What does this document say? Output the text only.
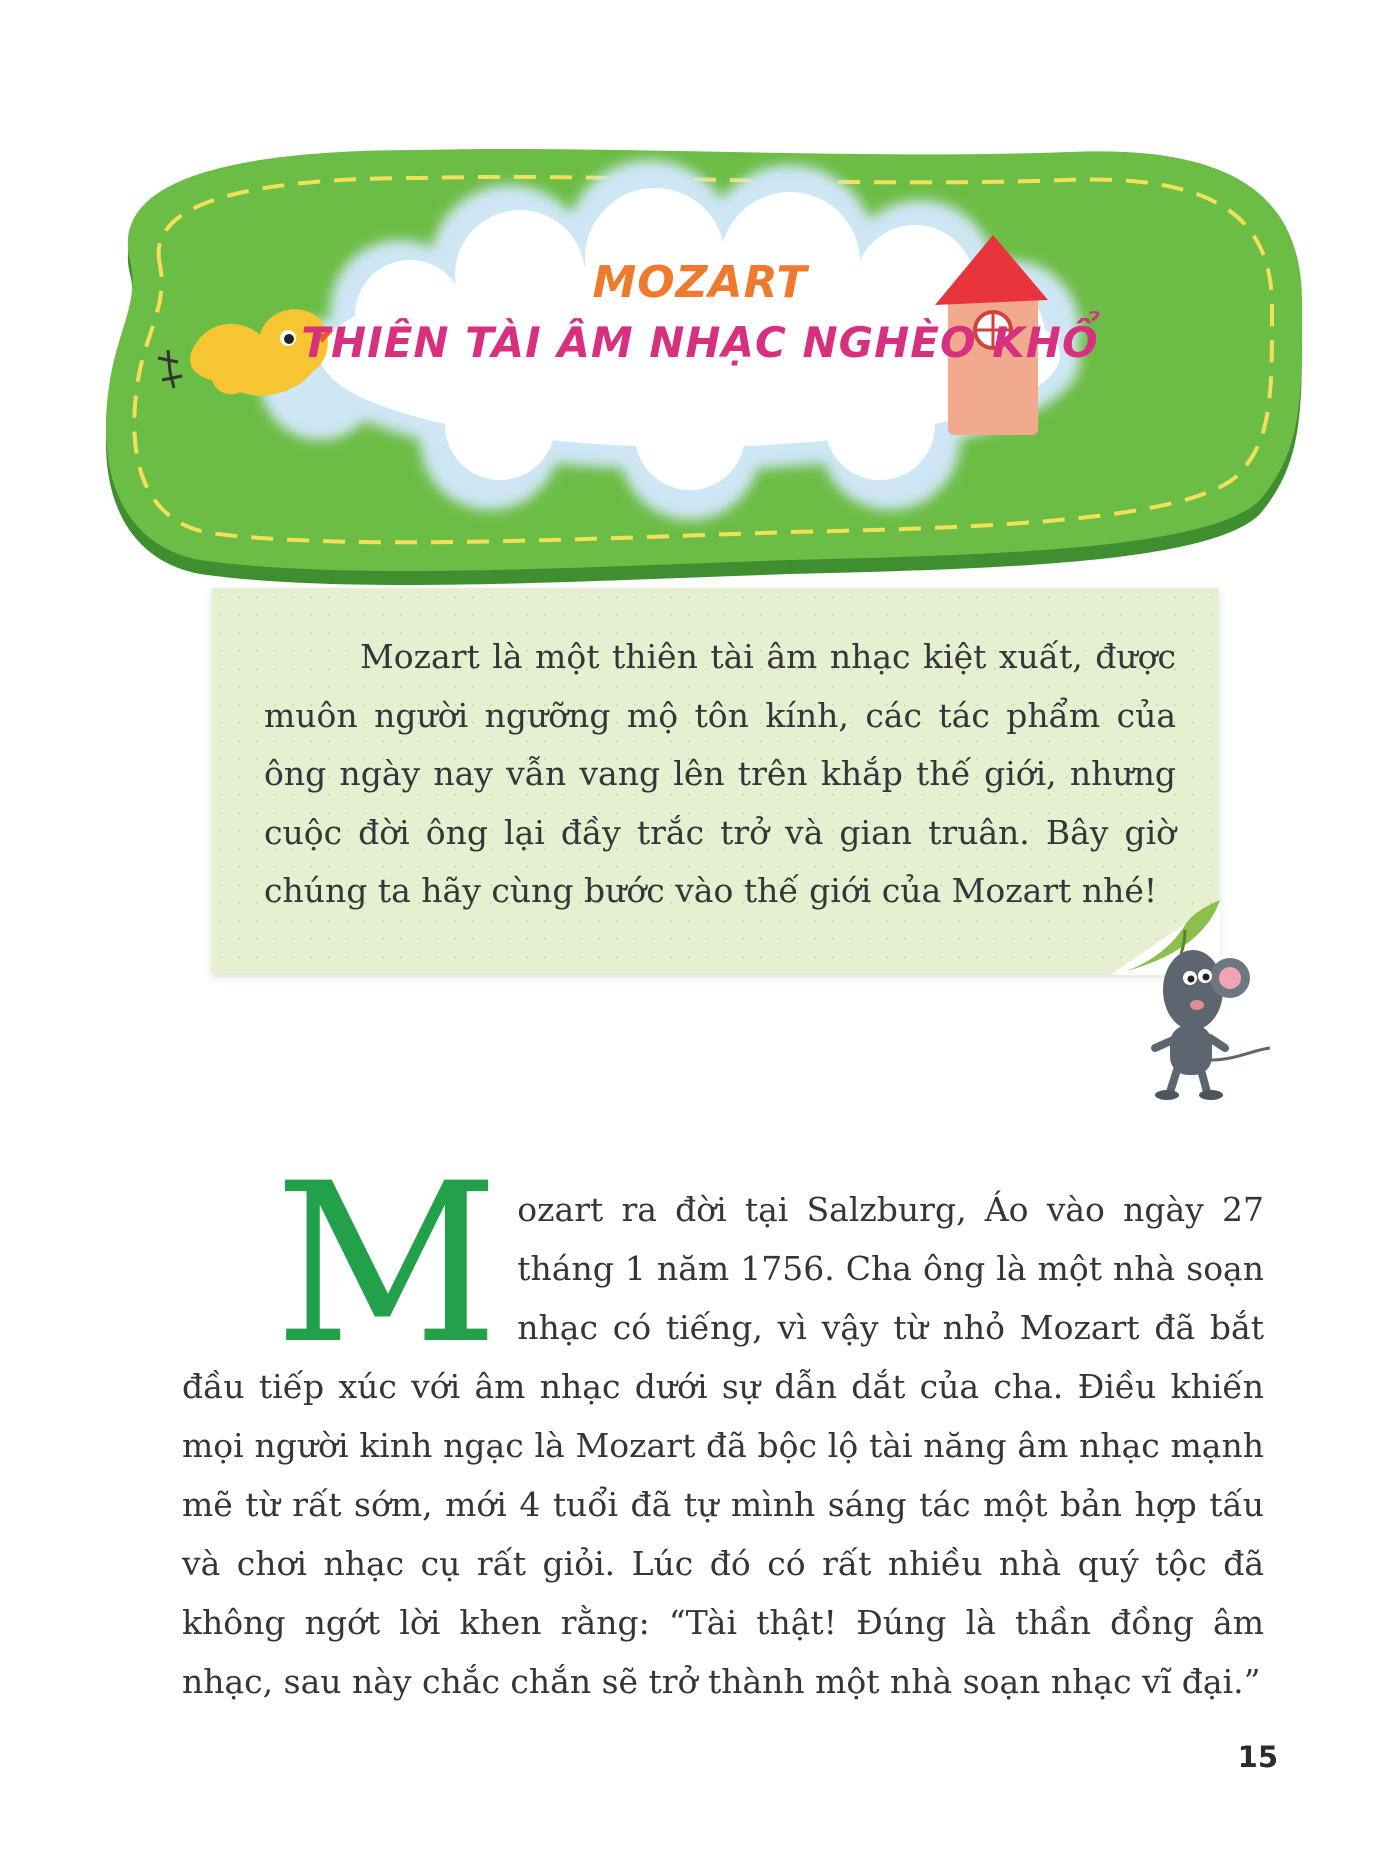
MOZART
THIÊN TÀI ÂM NHẠC NGHÈO KHỔ

Mozart là một thiên tài âm nhạc kiệt xuất, được muôn người ngưỡng mộ tôn kính, các tác phẩm của ông ngày nay vẫn vang lên trên khắp thế giới, nhưng cuộc đời ông lại đầy trắc trở và gian truân. Bây giờ chúng ta hãy cùng bước vào thế giới của Mozart nhé!

Mozart ra đời tại Salzburg, Áo vào ngày 27 tháng 1 năm 1756. Cha ông là một nhà soạn nhạc có tiếng, vì vậy từ nhỏ Mozart đã bắt đầu tiếp xúc với âm nhạc dưới sự dẫn dắt của cha. Điều khiến mọi người kinh ngạc là Mozart đã bộc lộ tài năng âm nhạc mạnh mẽ từ rất sớm, mới 4 tuổi đã tự mình sáng tác một bản hợp tấu và chơi nhạc cụ rất giỏi. Lúc đó có rất nhiều nhà quý tộc đã không ngớt lời khen rằng: “Tài thật! Đúng là thần đồng âm nhạc, sau này chắc chắn sẽ trở thành một nhà soạn nhạc vĩ đại.”

15
